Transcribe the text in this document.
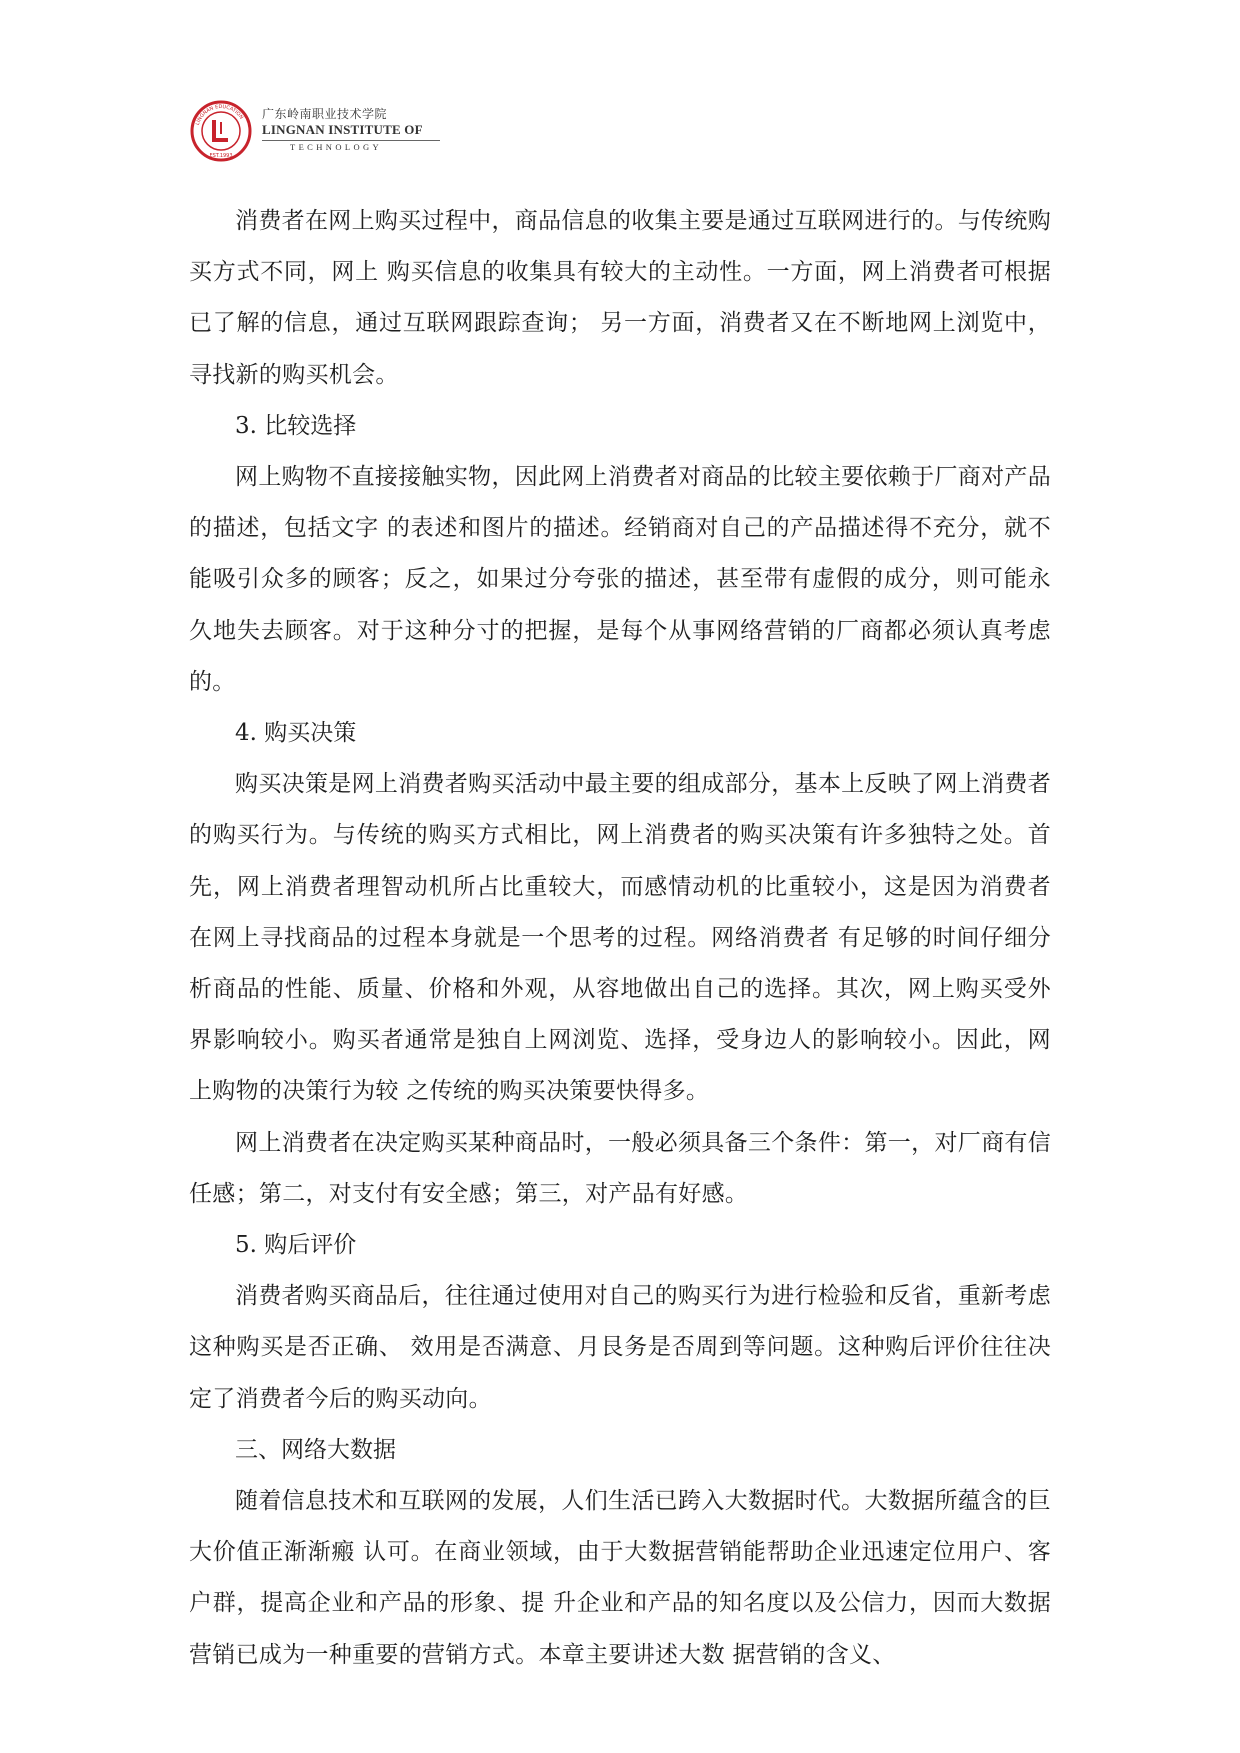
EST.1993
LINGNAN EDUCATION 广东岭南职业技术学院
LINGNAN INSTITUTE OF
TECHNOLOGY

消费者在网上购买过程中，商品信息的收集主要是通过互联网进行的。与传统购买方式不同，网上 购买信息的收集具有较大的主动性。一方面，网上消费者可根据已了解的信息，通过互联网跟踪查询； 另一方面，消费者又在不断地网上浏览中，寻找新的购买机会。

3. 比较选择

网上购物不直接接触实物，因此网上消费者对商品的比较主要依赖于厂商对产品的描述，包括文字 的表述和图片的描述。经销商对自己的产品描述得不充分，就不能吸引众多的顾客；反之，如果过分夸张的描述，甚至带有虚假的成分，则可能永久地失去顾客。对于这种分寸的把握，是每个从事网络营销的厂商都必须认真考虑的。

4. 购买决策

购买决策是网上消费者购买活动中最主要的组成部分，基本上反映了网上消费者的购买行为。与传统的购买方式相比，网上消费者的购买决策有许多独特之处。首先，网上消费者理智动机所占比重较大，而感情动机的比重较小，这是因为消费者在网上寻找商品的过程本身就是一个思考的过程。网络消费者 有足够的时间仔细分析商品的性能、质量、价格和外观，从容地做出自己的选择。其次，网上购买受外 界影响较小。购买者通常是独自上网浏览、选择，受身边人的影响较小。因此，网上购物的决策行为较 之传统的购买决策要快得多。

网上消费者在决定购买某种商品时，一般必须具备三个条件：第一，对厂商有信任感；第二，对支付有安全感；第三，对产品有好感。

5. 购后评价

消费者购买商品后，往往通过使用对自己的购买行为进行检验和反省，重新考虑这种购买是否正确、 效用是否满意、月艮务是否周到等问题。这种购后评价往往决定了消费者今后的购买动向。

三、网络大数据

随着信息技术和互联网的发展，人们生活已跨入大数据时代。大数据所蕴含的巨大价值正渐渐瘢 认可。在商业领域，由于大数据营销能帮助企业迅速定位用户、客户群，提高企业和产品的形象、提 升企业和产品的知名度以及公信力，因而大数据营销已成为一种重要的营销方式。本章主要讲述大数 据营销的含义、
